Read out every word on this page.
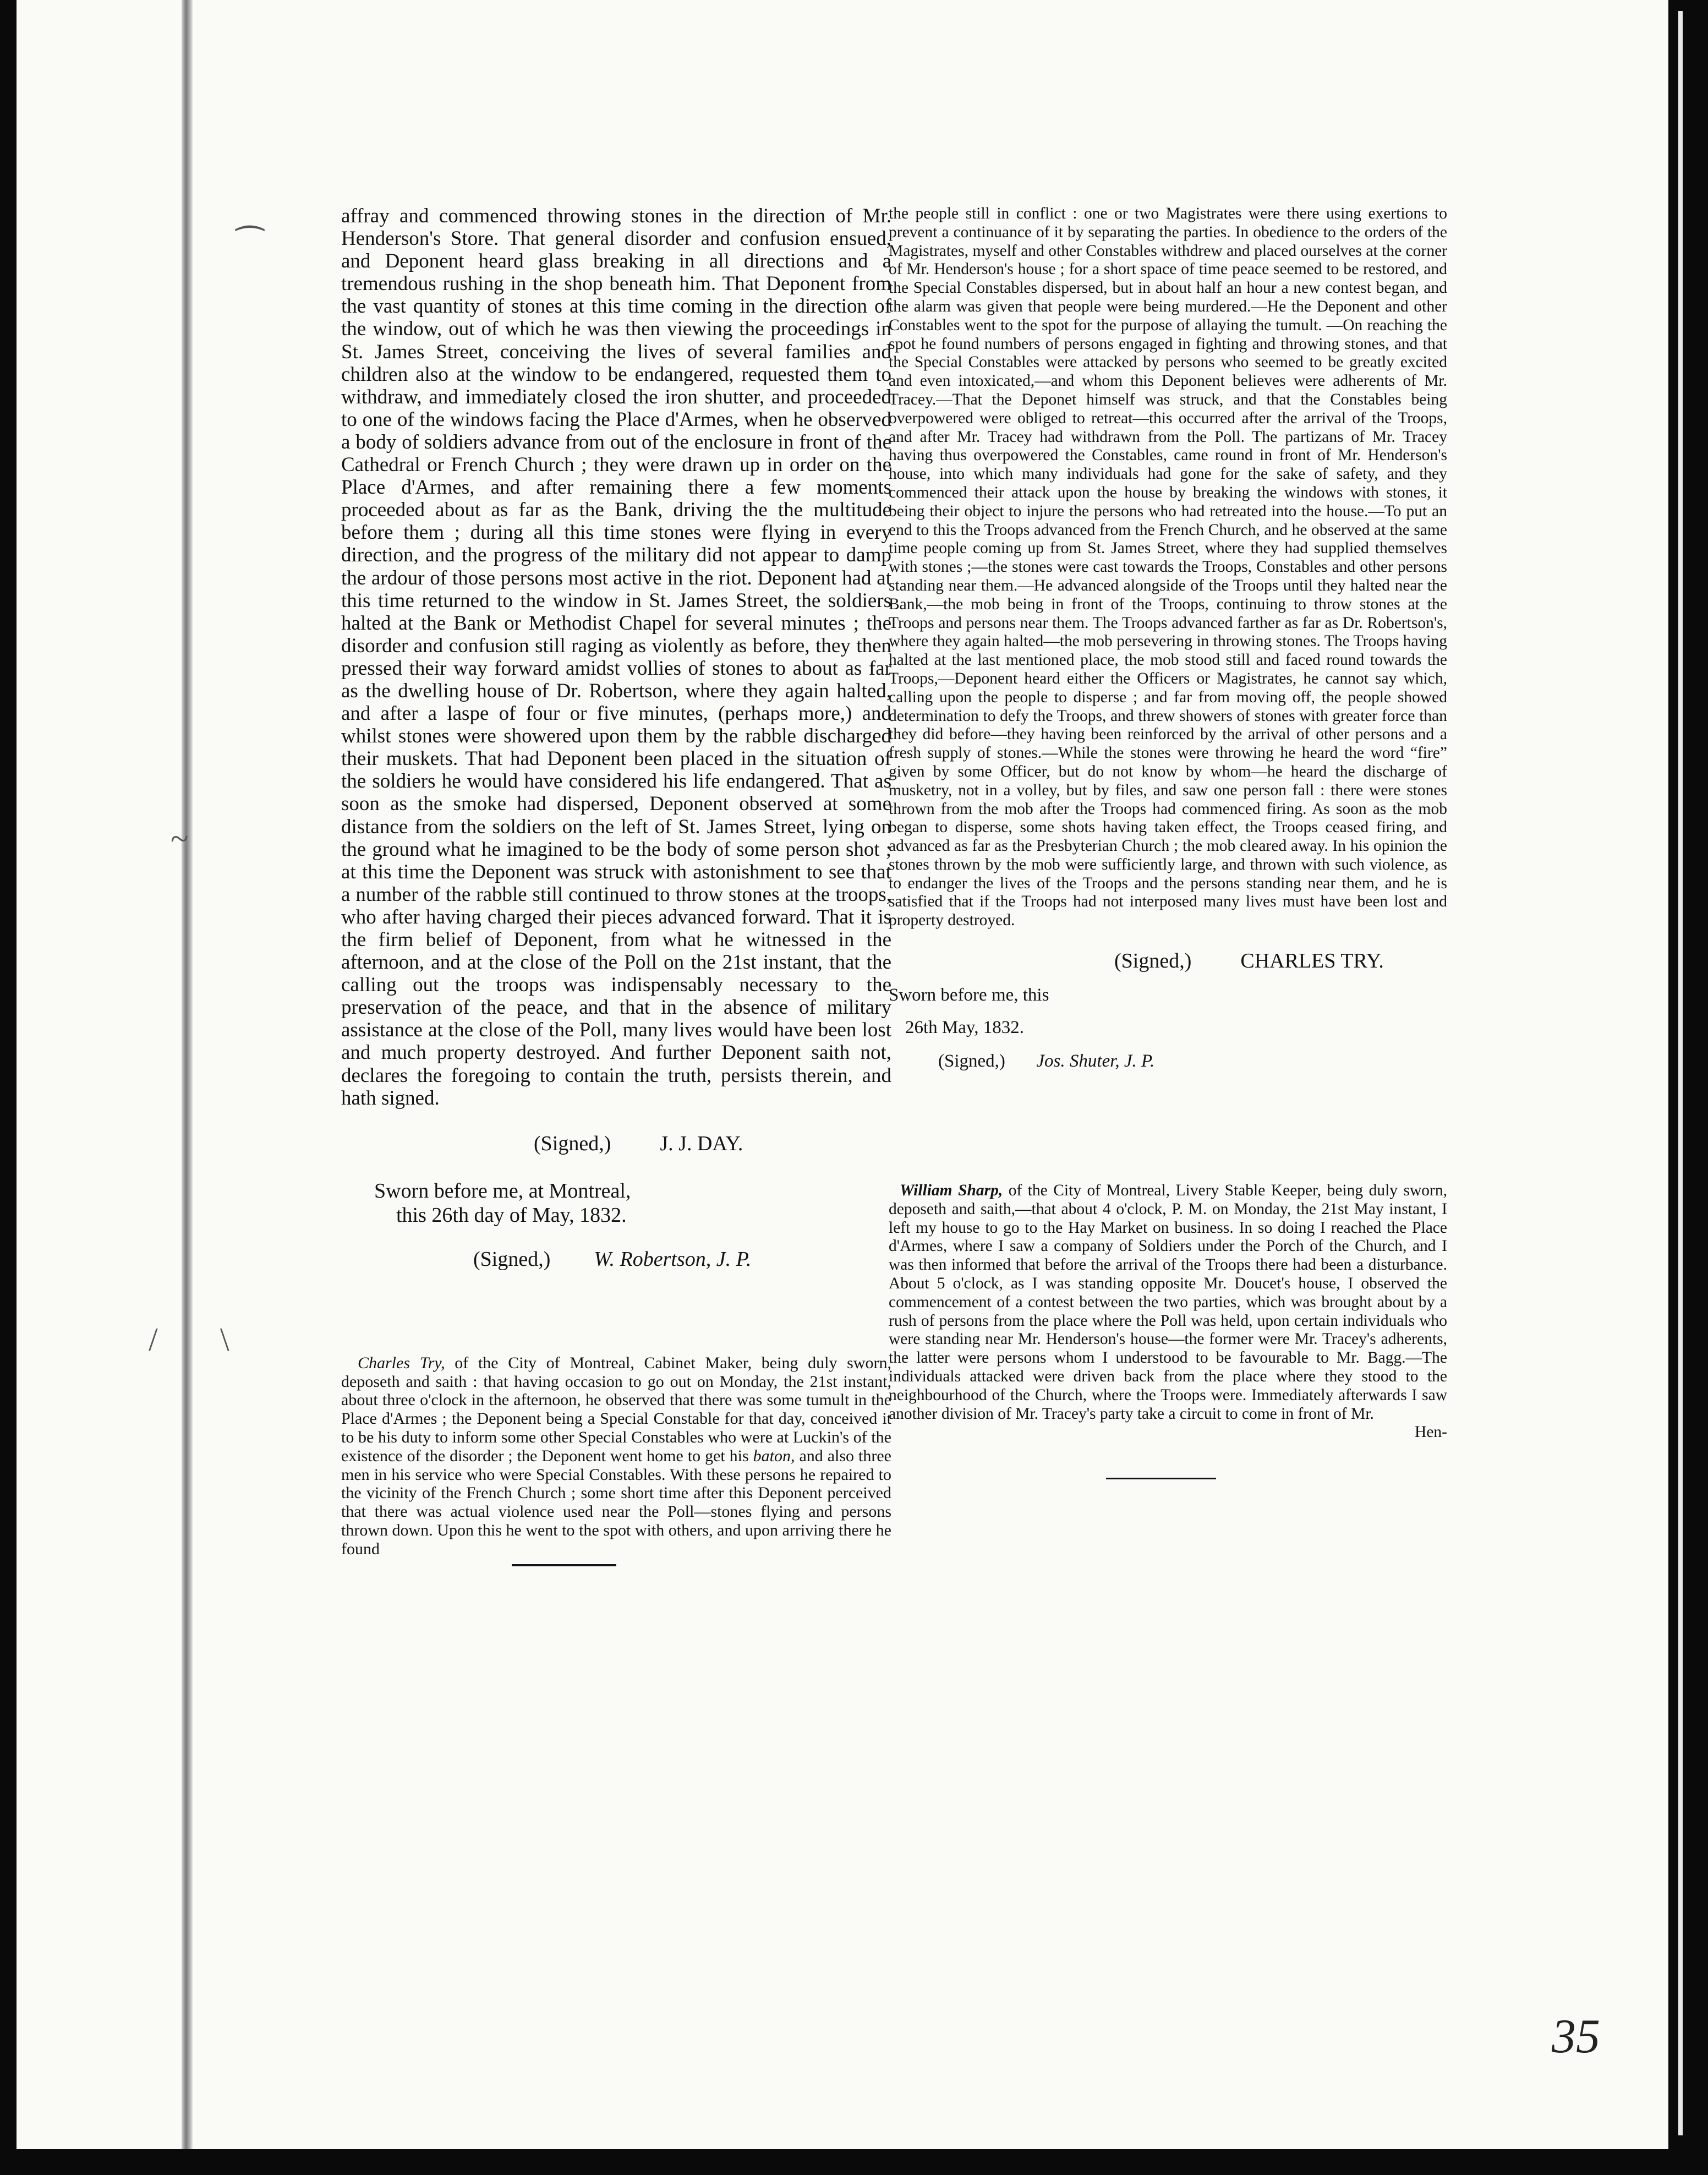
⁀
~
/ \

affray and commenced throwing stones in the direction of Mr. Henderson's Store. That general disorder and confusion ensued, and Deponent heard glass breaking in all directions and a tremendous rushing in the shop beneath him. That Deponent from the vast quantity of stones at this time coming in the direction of the window, out of which he was then viewing the proceedings in St. James Street, conceiving the lives of several families and children also at the window to be endangered, requested them to withdraw, and immediately closed the iron shutter, and proceeded to one of the windows facing the Place d'Armes, when he observed a body of soldiers advance from out of the enclosure in front of the Cathedral or French Church ; they were drawn up in order on the Place d'Armes, and after remaining there a few moments proceeded about as far as the Bank, driving the the multitude before them ; during all this time stones were flying in every direction, and the progress of the military did not appear to damp the ardour of those persons most active in the riot. Deponent had at this time returned to the window in St. James Street, the soldiers halted at the Bank or Methodist Chapel for several minutes ; the disorder and confusion still raging as violently as before, they then pressed their way forward amidst vollies of stones to about as far as the dwelling house of Dr. Robertson, where they again halted, and after a laspe of four or five minutes, (perhaps more,) and whilst stones were showered upon them by the rabble discharged their muskets. That had Deponent been placed in the situation of the soldiers he would have considered his life endangered. That as soon as the smoke had dispersed, Deponent observed at some distance from the soldiers on the left of St. James Street, lying on the ground what he imagined to be the body of some person shot ; at this time the Deponent was struck with astonishment to see that a number of the rabble still continued to throw stones at the troops, who after having charged their pieces advanced forward. That it is the firm belief of Deponent, from what he witnessed in the afternoon, and at the close of the Poll on the 21st instant, that the calling out the troops was indispensably necessary to the preservation of the peace, and that in the absence of military assistance at the close of the Poll, many lives would have been lost and much property destroyed. And further Deponent saith not, declares the foregoing to contain the truth, persists therein, and hath signed.

(Signed,) J. J. DAY.
Sworn before me, at Montreal,
this 26th day of May, 1832.
(Signed,) W. Robertson, J. P.

Charles Try, of the City of Montreal, Cabinet Maker, being duly sworn, deposeth and saith : that having occasion to go out on Monday, the 21st instant, about three o'clock in the afternoon, he observed that there was some tumult in the Place d'Armes ; the Deponent being a Special Constable for that day, conceived it to be his duty to inform some other Special Constables who were at Luckin's of the existence of the disorder ; the Deponent went home to get his baton, and also three men in his service who were Special Constables. With these persons he repaired to the vicinity of the French Church ; some short time after this Deponent perceived that there was actual violence used near the Poll—stones flying and persons thrown down. Upon this he went to the spot with others, and upon arriving there he found

the people still in conflict : one or two Magistrates were there using exertions to prevent a continuance of it by separating the parties. In obedience to the orders of the Magistrates, myself and other Constables withdrew and placed ourselves at the corner of Mr. Henderson's house ; for a short space of time peace seemed to be restored, and the Special Constables dispersed, but in about half an hour a new contest began, and the alarm was given that people were being murdered.—He the Deponent and other Constables went to the spot for the purpose of allaying the tumult. —On reaching the spot he found numbers of persons engaged in fighting and throwing stones, and that the Special Constables were attacked by persons who seemed to be greatly excited and even intoxicated,—and whom this Deponent believes were adherents of Mr. Tracey.—That the Deponet himself was struck, and that the Constables being overpowered were obliged to retreat—this occurred after the arrival of the Troops, and after Mr. Tracey had withdrawn from the Poll. The partizans of Mr. Tracey having thus overpowered the Constables, came round in front of Mr. Henderson's house, into which many individuals had gone for the sake of safety, and they commenced their attack upon the house by breaking the windows with stones, it being their object to injure the persons who had retreated into the house.—To put an end to this the Troops advanced from the French Church, and he observed at the same time people coming up from St. James Street, where they had supplied themselves with stones ;—the stones were cast towards the Troops, Constables and other persons standing near them.—He advanced alongside of the Troops until they halted near the Bank,—the mob being in front of the Troops, continuing to throw stones at the Troops and persons near them. The Troops advanced farther as far as Dr. Robertson's, where they again halted—the mob persevering in throwing stones. The Troops having halted at the last mentioned place, the mob stood still and faced round towards the Troops,—Deponent heard either the Officers or Magistrates, he cannot say which, calling upon the people to disperse ; and far from moving off, the people showed determination to defy the Troops, and threw showers of stones with greater force than they did before—they having been reinforced by the arrival of other persons and a fresh supply of stones.—While the stones were throwing he heard the word “fire” given by some Officer, but do not know by whom—he heard the discharge of musketry, not in a volley, but by files, and saw one person fall : there were stones thrown from the mob after the Troops had commenced firing. As soon as the mob began to disperse, some shots having taken effect, the Troops ceased firing, and advanced as far as the Presbyterian Church ; the mob cleared away. In his opinion the stones thrown by the mob were sufficiently large, and thrown with such violence, as to endanger the lives of the Troops and the persons standing near them, and he is satisfied that if the Troops had not interposed many lives must have been lost and property destroyed.

(Signed,) CHARLES TRY.
Sworn before me, this
26th May, 1832.
(Signed,) Jos. Shuter, J. P.

William Sharp, of the City of Montreal, Livery Stable Keeper, being duly sworn, deposeth and saith,—that about 4 o'clock, P. M. on Monday, the 21st May instant, I left my house to go to the Hay Market on business. In so doing I reached the Place d'Armes, where I saw a company of Soldiers under the Porch of the Church, and I was then informed that before the arrival of the Troops there had been a disturbance. About 5 o'clock, as I was standing opposite Mr. Doucet's house, I observed the commencement of a contest between the two parties, which was brought about by a rush of persons from the place where the Poll was held, upon certain individuals who were standing near Mr. Henderson's house—the former were Mr. Tracey's adherents, the latter were persons whom I understood to be favourable to Mr. Bagg.—The individuals attacked were driven back from the place where they stood to the neighbourhood of the Church, where the Troops were. Immediately afterwards I saw another division of Mr. Tracey's party take a circuit to come in front of Mr.

Hen-
35
